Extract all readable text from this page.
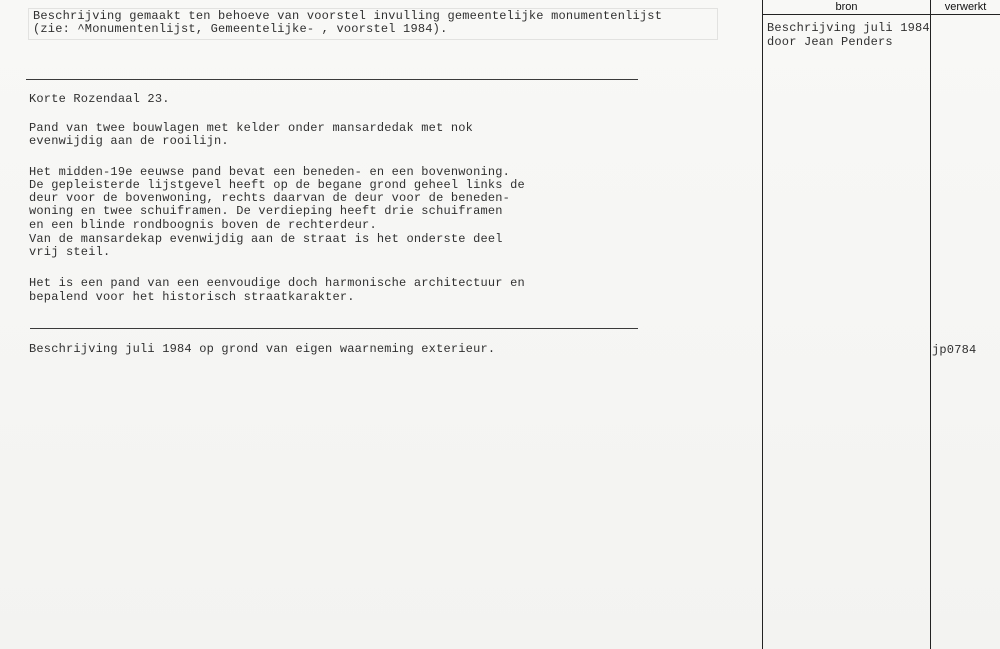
Beschrijving gemaakt ten behoeve van voorstel invulling gemeentelijke monumentenlijst

(zie: ^Monumentenlijst, Gemeentelijke- , voorstel 1984).

Korte Rozendaal 23.

Pand van twee bouwlagen met kelder onder mansardedak met nok

evenwijdig aan de rooilijn.

Het midden-19e eeuwse pand bevat een beneden- en een bovenwoning.

De gepleisterde lijstgevel heeft op de begane grond geheel links de

deur voor de bovenwoning, rechts daarvan de deur voor de beneden-

woning en twee schuiframen. De verdieping heeft drie schuiframen

en een blinde rondboognis boven de rechterdeur.

Van de mansardekap evenwijdig aan de straat is het onderste deel

vrij steil.

Het is een pand van een eenvoudige doch harmonische architectuur en

bepalend voor het historisch straatkarakter.

Beschrijving juli 1984 op grond van eigen waarneming exterieur.

bron	verwerkt

Beschrijving juli 1984

door Jean Penders

jp0784
